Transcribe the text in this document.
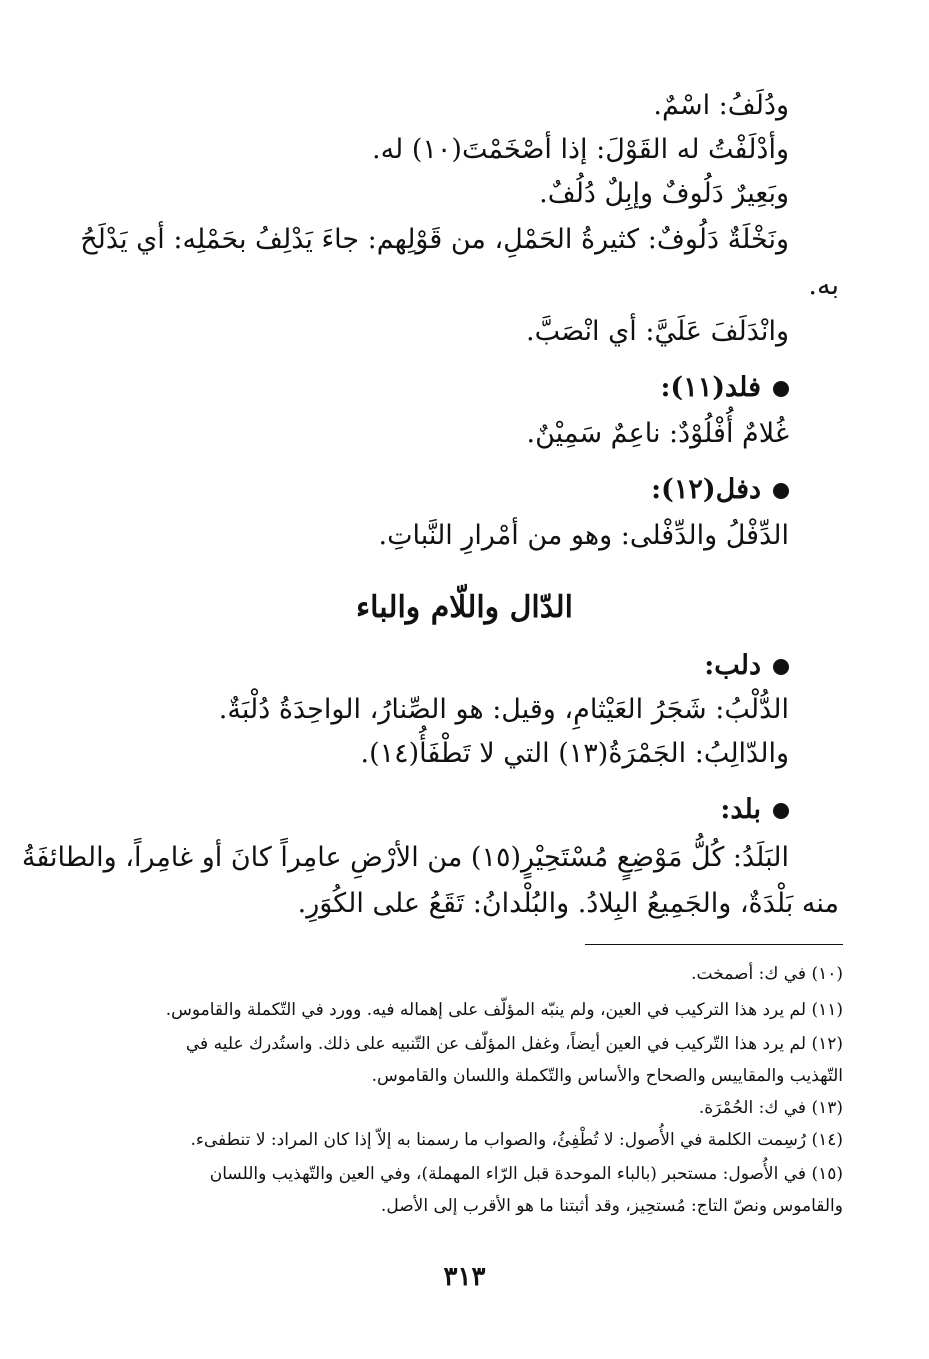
ودُلَفُ: اسْمٌ.
وأدْلَفْتُ له القَوْلَ: إذا أصْخَمْتَ(١٠) له.
وبَعِيرٌ دَلُوفٌ وإبِلٌ دُلُفٌ.
ونَخْلَةٌ دَلُوفٌ: كثيرةُ الحَمْلِ، من قَوْلِهم: جاءَ يَدْلِفُ بحَمْلِه: أي يَدْلَحُ
به.
وانْدَلَفَ عَلَيَّ: أي انْصَبَّ.
فلد(١١):
غُلامٌ أُفْلُوْدٌ: ناعِمٌ سَمِيْنٌ.
دفل(١٢):
الدِّفْلُ والدِّفْلى: وهو من أمْرارِ النَّباتِ.
الدّال واللّام والباء
دلب:
الدُّلْبُ: شَجَرُ العَيْثامِ، وقيل: هو الصِّنارُ، الواحِدَةُ دُلْبَةٌ.
والدّالِبُ: الجَمْرَةُ(١٣) التي لا تَطْفَأُ(١٤).
بلد:
البَلَدُ: كُلُّ مَوْضِعٍ مُسْتَحِيْرٍ(١٥) من الأرْضِ عامِراً كانَ أو غامِراً، والطائفَةُ
منه بَلْدَةٌ، والجَمِيعُ البِلادُ. والبُلْدانُ: تَقَعُ على الكُوَرِ.
(١٠) في ك: أصمخت.
(١١) لم يرد هذا التركيب في العين، ولم ينبّه المؤلّف على إهماله فيه. وورد في التّكملة والقاموس.
(١٢) لم يرد هذا التّركيب في العين أيضاً، وغفل المؤلّف عن التّنبيه على ذلك. واستُدرك عليه في
التّهذيب والمقاييس والصحاح والأساس والتّكملة واللسان والقاموس.
(١٣) في ك: الحُمْرَة.
(١٤) رُسِمت الكلمة في الأُصول: لا تُطْفِئُ، والصواب ما رسمنا به إلاّ إذا كان المراد: لا تنطفىء.
(١٥) في الأُصول: مستحبر (بالباء الموحدة قبل الرّاء المهملة)، وفي العين والتّهذيب واللسان
والقاموس ونصّ التاج: مُستحِيز، وقد أثبتنا ما هو الأقرب إلى الأصل.
٣١٣
